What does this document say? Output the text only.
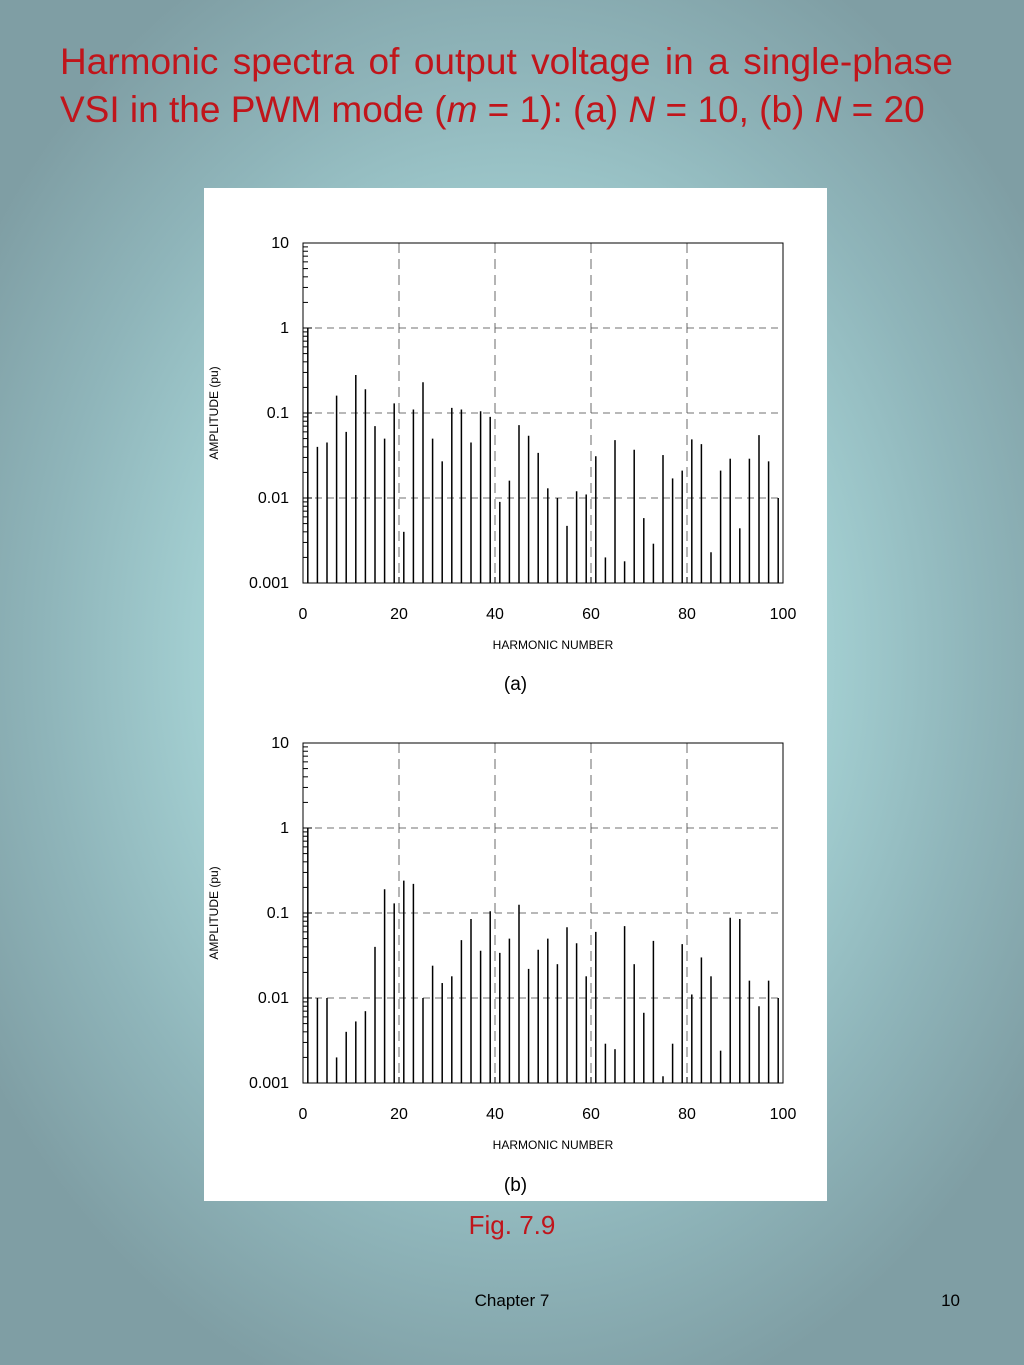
Harmonic spectra of output voltage in a single-phase VSI in the PWM mode (m = 1): (a) N = 10, (b) N = 20
0.001
0.01
0.1
1
10
0	20	40	60	80	100
HARMONIC NUMBER
AMPLITUDE (pu)
(a)
0.001
0.01
0.1
1
10
0	20	40	60	80	100
HARMONIC NUMBER
AMPLITUDE (pu)
(b)
Fig. 7.9
Chapter 7	10
